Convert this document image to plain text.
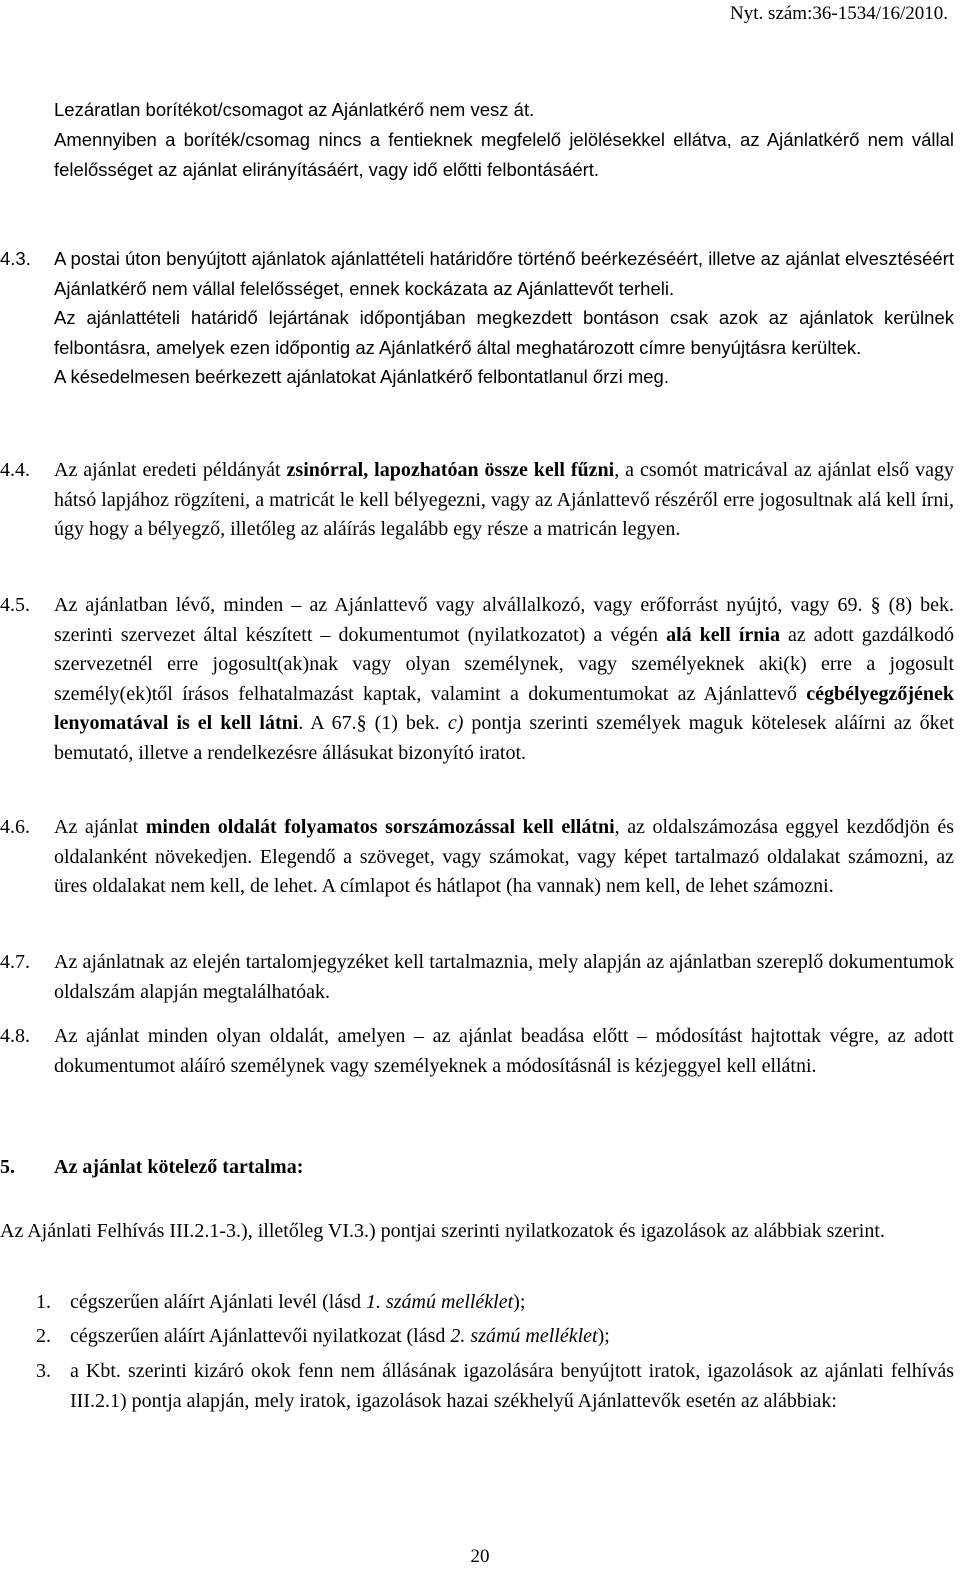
Nyt. szám:36-1534/16/2010.
Lezáratlan borítékot/csomagot az Ajánlatkérő nem vesz át.
Amennyiben a boríték/csomag nincs a fentieknek megfelelő jelölésekkel ellátva, az Ajánlatkérő nem vállal felelősséget az ajánlat elirányításáért, vagy idő előtti felbontásáért.
4.3.	A postai úton benyújtott ajánlatok ajánlattételi határidőre történő beérkezéséért, illetve az ajánlat elvesztéséért Ajánlatkérő nem vállal felelősséget, ennek kockázata az Ajánlattevőt terheli.

Az ajánlattételi határidő lejártának időpontjában megkezdett bontáson csak azok az ajánlatok kerülnek felbontásra, amelyek ezen időpontig az Ajánlatkérő által meghatározott címre benyújtásra kerültek.

A késedelmesen beérkezett ajánlatokat Ajánlatkérő felbontatlanul őrzi meg.

4.4.	Az ajánlat eredeti példányát zsinórral, lapozhatóan össze kell fűzni, a csomót matricával az ajánlat első vagy hátsó lapjához rögzíteni, a matricát le kell bélyegezni, vagy az Ajánlattevő részéről erre jogosultnak alá kell írni, úgy hogy a bélyegző, illetőleg az aláírás legalább egy része a matricán legyen.
4.5.	Az ajánlatban lévő, minden – az Ajánlattevő vagy alvállalkozó, vagy erőforrást nyújtó, vagy 69. § (8) bek. szerinti szervezet által készített – dokumentumot (nyilatkozatot) a végén alá kell írnia az adott gazdálkodó szervezetnél erre jogosult(ak)nak vagy olyan személynek, vagy személyeknek aki(k) erre a jogosult személy(ek)től írásos felhatalmazást kaptak, valamint a dokumentumokat az Ajánlattevő cégbélyegzőjének lenyomatával is el kell látni. A 67.§ (1) bek. c) pontja szerinti személyek maguk kötelesek aláírni az őket bemutató, illetve a rendelkezésre állásukat bizonyító iratot.
4.6.	Az ajánlat minden oldalát folyamatos sorszámozással kell ellátni, az oldalszámozása eggyel kezdődjön és oldalanként növekedjen. Elegendő a szöveget, vagy számokat, vagy képet tartalmazó oldalakat számozni, az üres oldalakat nem kell, de lehet. A címlapot és hátlapot (ha vannak) nem kell, de lehet számozni.
4.7.	Az ajánlatnak az elején tartalomjegyzéket kell tartalmaznia, mely alapján az ajánlatban szereplő dokumentumok oldalszám alapján megtalálhatóak.
4.8.	Az ajánlat minden olyan oldalát, amelyen – az ajánlat beadása előtt – módosítást hajtottak végre, az adott dokumentumot aláíró személynek vagy személyeknek a módosításnál is kézjeggyel kell ellátni.
5. Az ajánlat kötelező tartalma:
Az Ajánlati Felhívás III.2.1-3.), illetőleg VI.3.) pontjai szerinti nyilatkozatok és igazolások az alábbiak szerint.
1. cégszerűen aláírt Ajánlati levél (lásd 1. számú melléklet);
2. cégszerűen aláírt Ajánlattevői nyilatkozat (lásd 2. számú melléklet);
3. a Kbt. szerinti kizáró okok fenn nem állásának igazolására benyújtott iratok, igazolások az ajánlati felhívás III.2.1) pontja alapján, mely iratok, igazolások hazai székhelyű Ajánlattevők esetén az alábbiak:
20
